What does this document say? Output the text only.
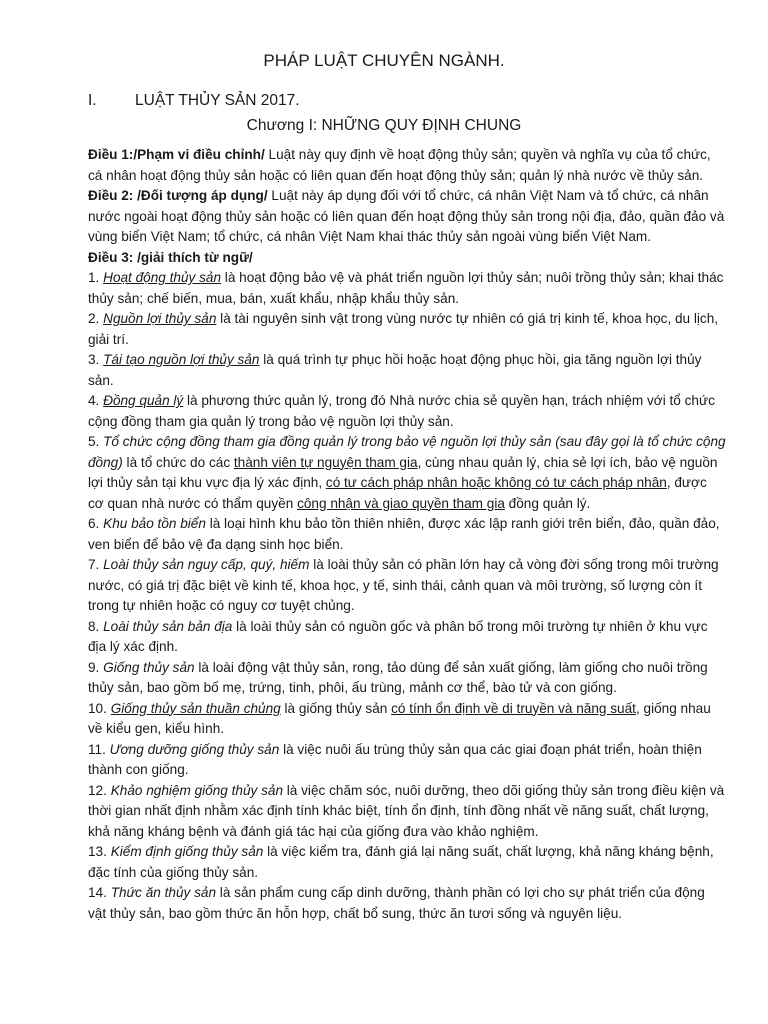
PHÁP LUẬT CHUYÊN NGÀNH.
I. LUẬT THỦY SẢN 2017.
Chương I: NHỮNG QUY ĐỊNH CHUNG

Điều 1:/Phạm vi điều chỉnh/ Luật này quy định về hoạt động thủy sản; quyền và nghĩa vụ của tổ chức, cá nhân hoạt động thủy sản hoặc có liên quan đến hoạt động thủy sản; quản lý nhà nước về thủy sản.

Điều 2: /Đối tượng áp dụng/ Luật này áp dụng đối với tổ chức, cá nhân Việt Nam và tổ chức, cá nhân nước ngoài hoạt động thủy sản hoặc có liên quan đến hoạt động thủy sản trong nội địa, đảo, quần đảo và vùng biển Việt Nam; tổ chức, cá nhân Việt Nam khai thác thủy sản ngoài vùng biển Việt Nam.

Điều 3: /giải thích từ ngữ/

1. Hoạt động thủy sản là hoạt động bảo vệ và phát triển nguồn lợi thủy sản; nuôi trồng thủy sản; khai thác thủy sản; chế biến, mua, bán, xuất khẩu, nhập khẩu thủy sản.

2. Nguồn lợi thủy sản là tài nguyên sinh vật trong vùng nước tự nhiên có giá trị kinh tế, khoa học, du lịch, giải trí.

3. Tái tạo nguồn lợi thủy sản là quá trình tự phục hồi hoặc hoạt động phục hồi, gia tăng nguồn lợi thủy sản.

4. Đồng quản lý là phương thức quản lý, trong đó Nhà nước chia sẻ quyền hạn, trách nhiệm với tổ chức cộng đồng tham gia quản lý trong bảo vệ nguồn lợi thủy sản.

5. Tổ chức cộng đồng tham gia đồng quản lý trong bảo vệ nguồn lợi thủy sản (sau đây gọi là tổ chức cộng đồng) là tổ chức do các thành viên tự nguyện tham gia, cùng nhau quản lý, chia sẻ lợi ích, bảo vệ nguồn lợi thủy sản tại khu vực địa lý xác định, có tư cách pháp nhân hoặc không có tư cách pháp nhân, được cơ quan nhà nước có thẩm quyền công nhận và giao quyền tham gia đồng quản lý.

6. Khu bảo tồn biển là loại hình khu bảo tồn thiên nhiên, được xác lập ranh giới trên biển, đảo, quần đảo, ven biển để bảo vệ đa dạng sinh học biển.

7. Loài thủy sản nguy cấp, quý, hiếm là loài thủy sản có phần lớn hay cả vòng đời sống trong môi trường nước, có giá trị đặc biệt về kinh tế, khoa học, y tế, sinh thái, cảnh quan và môi trường, số lượng còn ít trong tự nhiên hoặc có nguy cơ tuyệt chủng.

8. Loài thủy sản bản địa là loài thủy sản có nguồn gốc và phân bố trong môi trường tự nhiên ở khu vực địa lý xác định.

9. Giống thủy sản là loài động vật thủy sản, rong, tảo dùng để sản xuất giống, làm giống cho nuôi trồng thủy sản, bao gồm bố mẹ, trứng, tinh, phôi, ấu trùng, mảnh cơ thể, bào tử và con giống.

10. Giống thủy sản thuần chủng là giống thủy sản có tính ổn định về di truyền và năng suất, giống nhau về kiểu gen, kiểu hình.

11. Ương dưỡng giống thủy sản là việc nuôi ấu trùng thủy sản qua các giai đoạn phát triển, hoàn thiện thành con giống.

12. Khảo nghiệm giống thủy sản là việc chăm sóc, nuôi dưỡng, theo dõi giống thủy sản trong điều kiện và thời gian nhất định nhằm xác định tính khác biệt, tính ổn định, tính đồng nhất về năng suất, chất lượng, khả năng kháng bệnh và đánh giá tác hại của giống đưa vào khảo nghiệm.

13. Kiểm định giống thủy sản là việc kiểm tra, đánh giá lại năng suất, chất lượng, khả năng kháng bệnh, đặc tính của giống thủy sản.

14. Thức ăn thủy sản là sản phẩm cung cấp dinh dưỡng, thành phần có lợi cho sự phát triển của động vật thủy sản, bao gồm thức ăn hỗn hợp, chất bổ sung, thức ăn tươi sống và nguyên liệu.
